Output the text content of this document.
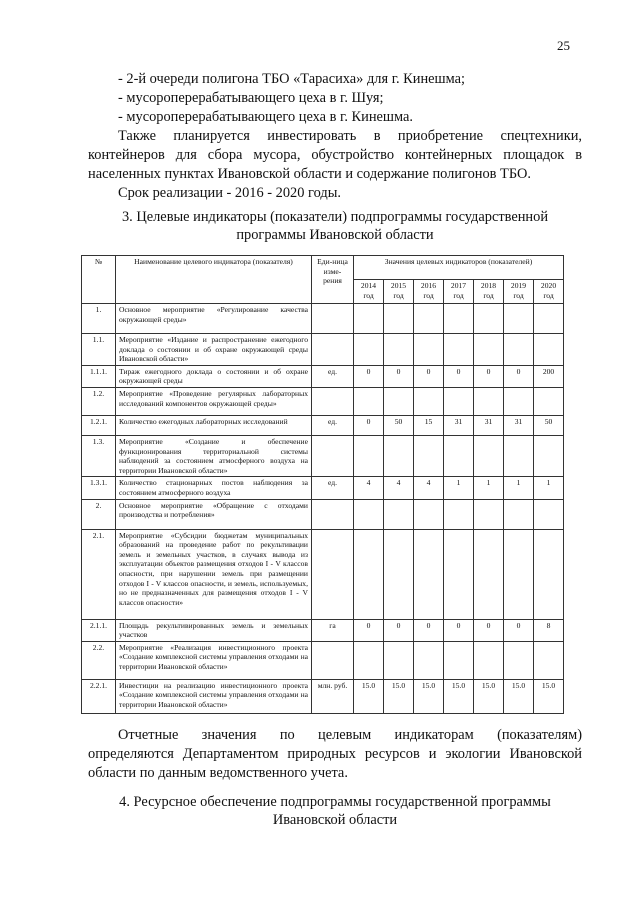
25

- 2-й очереди полигона ТБО «Тарасиха» для г. Кинешма;

- мусороперерабатывающего цеха в г. Шуя;

- мусороперерабатывающего цеха в г. Кинешма.

Также планируется инвестировать в приобретение спецтехники,

контейнеров для сбора мусора, обустройство контейнерных площадок в

населенных пунктах Ивановской области и содержание полигонов ТБО.

Срок реализации - 2016 - 2020 годы.

3. Целевые индикаторы (показатели) подпрограммы государственной
программы Ивановской области
№	Наименование целевого индикатора (показателя)	Еди-ница изме-рения	Значения целевых индикаторов (показателей)						
			2014 год	2015 год	2016 год	2017 год	2018 год	2019 год	2020 год
1.	Основное мероприятие «Регулирование качества окружающей среды»								
1.1.	Мероприятие «Издание и распространение ежегодного доклада о состоянии и об охране окружающей среды Ивановской области»								
1.1.1.	Тираж ежегодного доклада о состоянии и об охране окружающей среды	ед.	0	0	0	0	0	0	200
1.2.	Мероприятие «Проведение регулярных лабораторных исследований компонентов окружающей среды»								
1.2.1.	Количество ежегодных лабораторных исследований	ед.	0	50	15	31	31	31	50
1.3.	Мероприятие «Создание и обеспечение функционирования территориальной системы наблюдений за состоянием атмосферного воздуха на территории Ивановской области»								
1.3.1.	Количество стационарных постов наблюдения за состоянием атмосферного воздуха	ед.	4	4	4	1	1	1	1
2.	Основное мероприятие «Обращение с отходами производства и потребления»								
2.1.	Мероприятие «Субсидии бюджетам муниципальных образований на проведение работ по рекультивации земель и земельных участков, в случаях вывода из эксплуатации объектов размещения отходов I - V классов опасности, при нарушении земель при размещении отходов I - V классов опасности, и земель, используемых, но не предназначенных для размещения отходов I - V классов опасности»								
2.1.1.	Площадь рекультивированных земель и земельных участков	га	0	0	0	0	0	0	8
2.2.	Мероприятие «Реализация инвестиционного проекта «Создание комплексной системы управления отходами на территории Ивановской области»								
2.2.1.	Инвестиции на реализацию инвестиционного проекта «Создание комплексной системы управления отходами на территории Ивановской области»	млн. руб.	15.0	15.0	15.0	15.0	15.0	15.0	15.0

Отчетные значения по целевым индикаторам (показателям)

определяются Департаментом природных ресурсов и экологии Ивановской

области по данным ведомственного учета.

4. Ресурсное обеспечение подпрограммы государственной программы
Ивановской области
